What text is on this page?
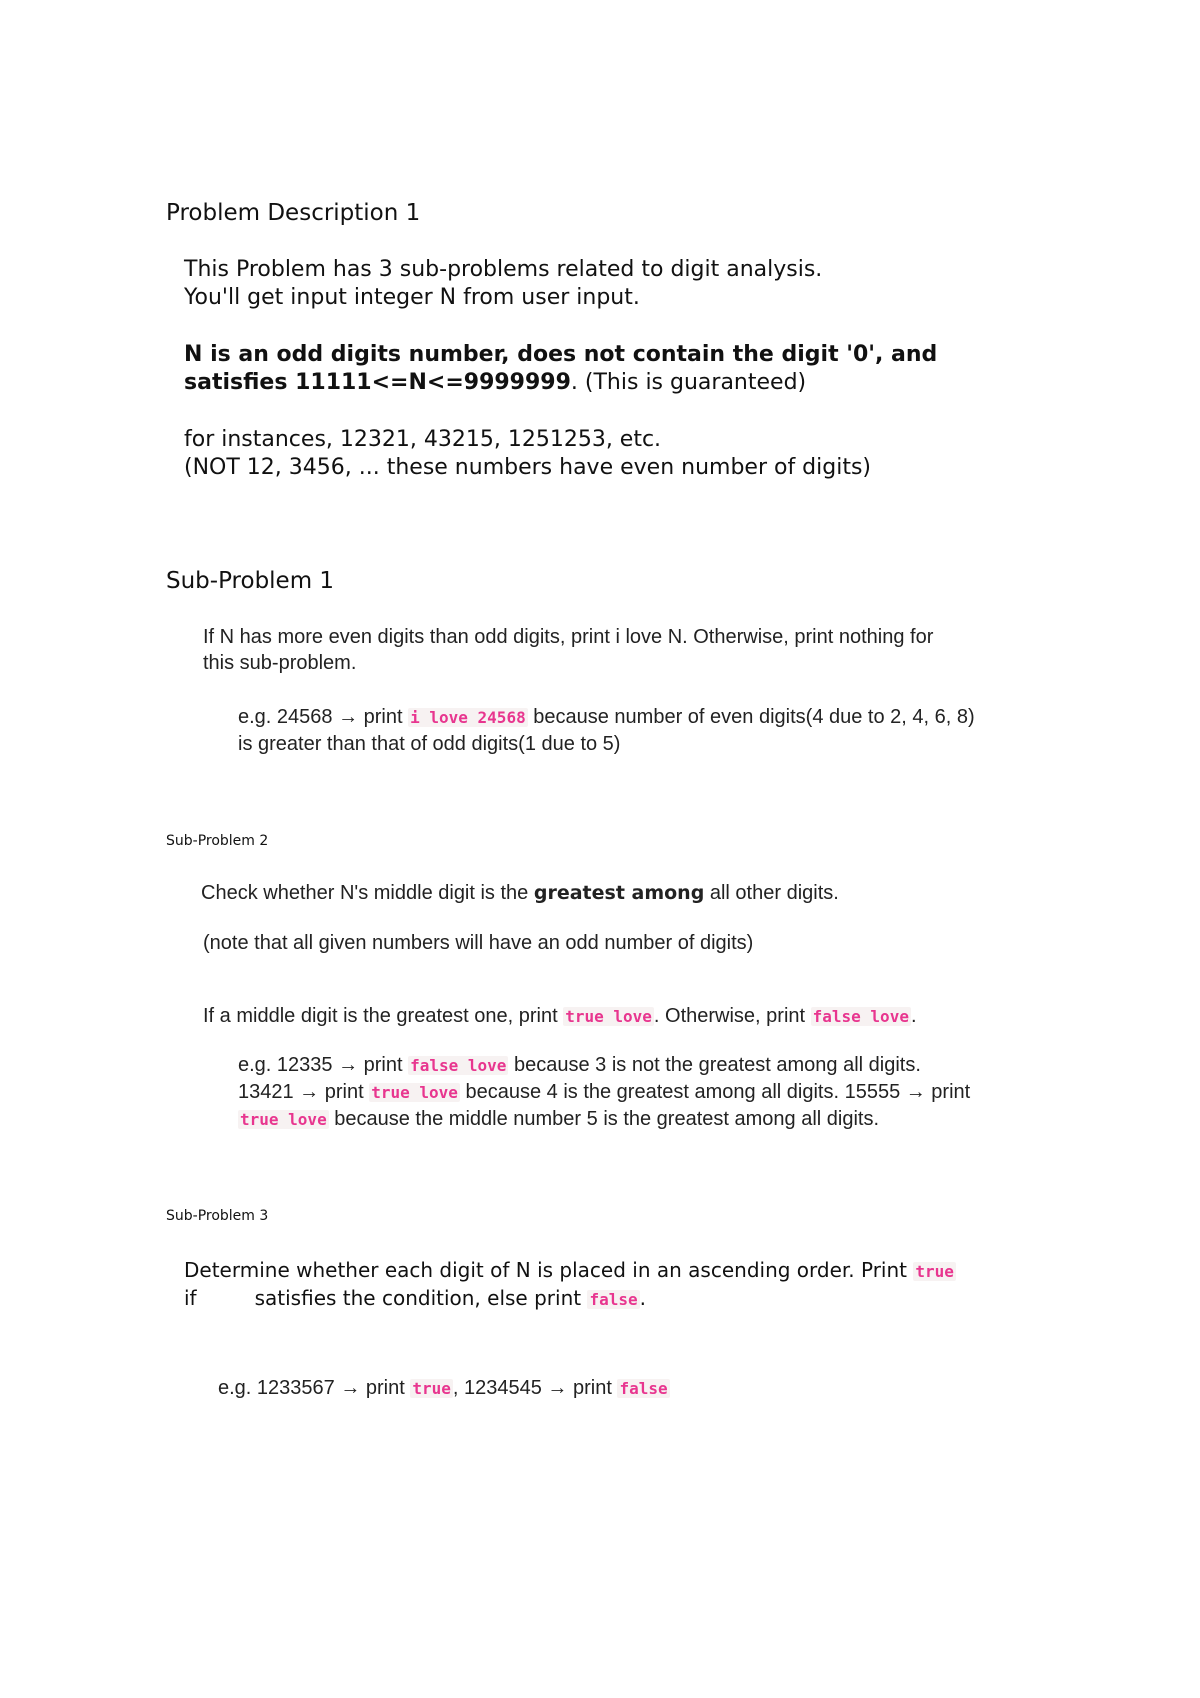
Problem Description 1

This Problem has 3 sub-problems related to digit analysis.

You'll get input integer N from user input.

N is an odd digits number, does not contain the digit '0', and

satisfies 11111<=N<=9999999. (This is guaranteed)

for instances, 12321, 43215, 1251253, etc.

(NOT 12, 3456, ... these numbers have even number of digits)

Sub-Problem 1

If N has more even digits than odd digits, print i love N. Otherwise, print nothing for

this sub-problem.

e.g. 24568 → print i love 24568 because number of even digits(4 due to 2, 4, 6, 8)

is greater than that of odd digits(1 due to 5)

Sub-Problem 2

Check whether N's middle digit is the greatest among all other digits.

(note that all given numbers will have an odd number of digits)

If a middle digit is the greatest one, print true love . Otherwise, print false love .

e.g. 12335 → print false love because 3 is not the greatest among all digits.

13421 → print true love because 4 is the greatest among all digits. 15555 → print

true love because the middle number 5 is the greatest among all digits.

Sub-Problem 3

Determine whether each digit of N is placed in an ascending order. Print true

if	satisfies the condition, else print false .

e.g. 1233567 → print true , 1234545 → print false
